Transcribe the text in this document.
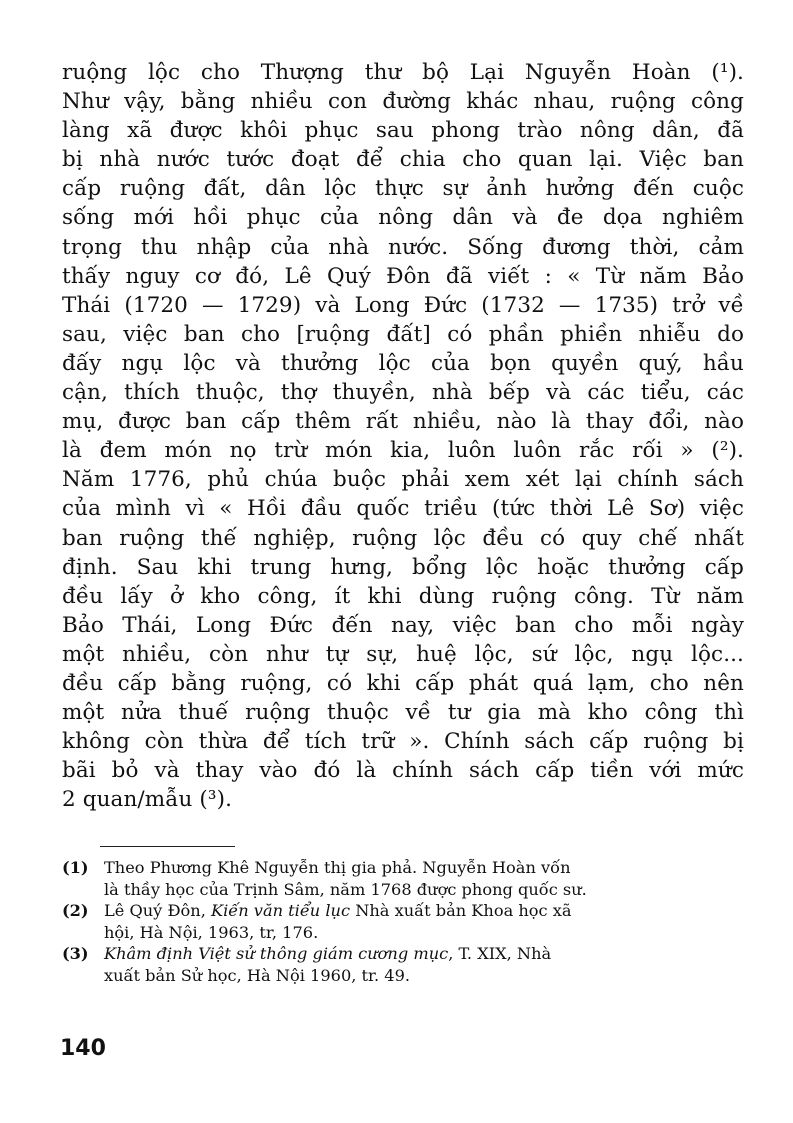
ruộng lộc cho Thượng thư bộ Lại Nguyễn Hoàn (¹).
Như vậy, bằng nhiều con đường khác nhau, ruộng công
làng xã được khôi phục sau phong trào nông dân, đã
bị nhà nước tước đoạt để chia cho quan lại. Việc ban
cấp ruộng đất, dân lộc thực sự ảnh hưởng đến cuộc
sống mới hồi phục của nông dân và đe dọa nghiêm
trọng thu nhập của nhà nước. Sống đương thời, cảm
thấy nguy cơ đó, Lê Quý Đôn đã viết : « Từ năm Bảo
Thái (1720 — 1729) và Long Đức (1732 — 1735) trở về
sau, việc ban cho [ruộng đất] có phần phiền nhiễu do
đấy ngụ lộc và thưởng lộc của bọn quyền quý, hầu
cận, thích thuộc, thợ thuyền, nhà bếp và các tiểu, các
mụ, được ban cấp thêm rất nhiều, nào là thay đổi, nào
là đem món nọ trừ món kia, luôn luôn rắc rối » (²).
Năm 1776, phủ chúa buộc phải xem xét lại chính sách
của mình vì « Hồi đầu quốc triều (tức thời Lê Sơ) việc
ban ruộng thế nghiệp, ruộng lộc đều có quy chế nhất
định. Sau khi trung hưng, bổng lộc hoặc thưởng cấp
đều lấy ở kho công, ít khi dùng ruộng công. Từ năm
Bảo Thái, Long Đức đến nay, việc ban cho mỗi ngày
một nhiều, còn như tự sự, huệ lộc, sứ lộc, ngụ lộc...
đều cấp bằng ruộng, có khi cấp phát quá lạm, cho nên
một nửa thuế ruộng thuộc về tư gia mà kho công thì
không còn thừa để tích trữ ». Chính sách cấp ruộng bị
bãi bỏ và thay vào đó là chính sách cấp tiền với mức
2 quan/mẫu (³).
(1) Theo Phương Khê Nguyễn thị gia phả. Nguyễn Hoàn vốn
là thầy học của Trịnh Sâm, năm 1768 được phong quốc sư.
(2) Lê Quý Đôn, Kiến văn tiểu lục Nhà xuất bản Khoa học xã
hội, Hà Nội, 1963, tr, 176.
(3) Khâm định Việt sử thông giám cương mục, T. XIX, Nhà
xuất bản Sử học, Hà Nội 1960, tr. 49.
140
